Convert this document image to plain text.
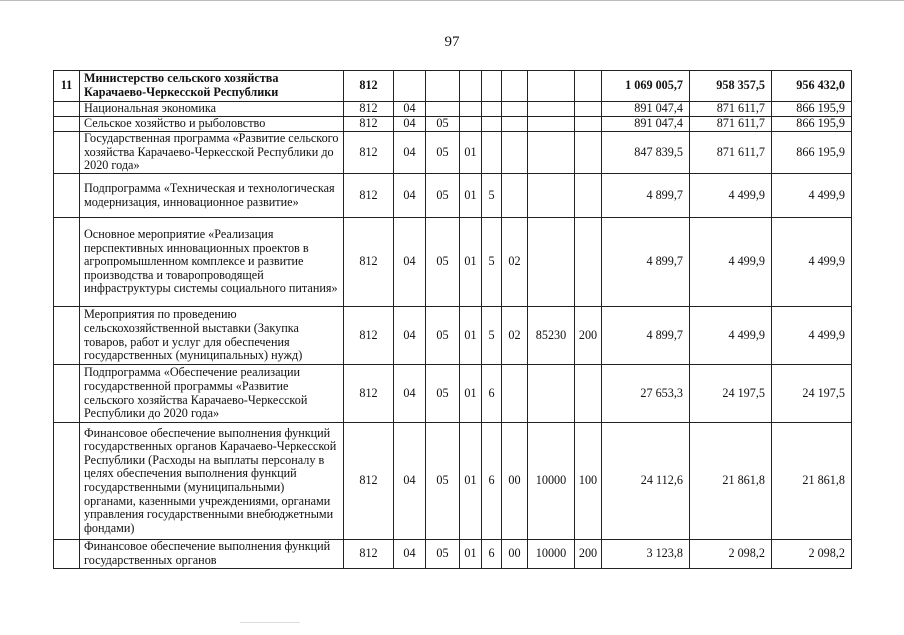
97
11	Министерство сельского хозяйства Карачаево-Черкесской Республики	812								1 069 005,7	958 357,5	956 432,0
	Национальная экономика	812	04							891 047,4	871 611,7	866 195,9
	Сельское хозяйство и рыболовство	812	04	05						891 047,4	871 611,7	866 195,9
	Государственная программа «Развитие сельского хозяйства Карачаево-Черкесской Республики до 2020 года»	812	04	05	01					847 839,5	871 611,7	866 195,9
	Подпрограмма «Техническая и технологическая модернизация, инновационное развитие»	812	04	05	01	5				4 899,7	4 499,9	4 499,9
	Основное мероприятие «Реализация перспективных инновационных проектов в агропромышленном комплексе и развитие производства и товаропроводящей инфраструктуры системы социального питания»	812	04	05	01	5	02			4 899,7	4 499,9	4 499,9
	Мероприятия по проведению сельскохозяйственной выставки (Закупка товаров, работ и услуг для обеспечения государственных (муниципальных) нужд)	812	04	05	01	5	02	85230	200	4 899,7	4 499,9	4 499,9
	Подпрограмма «Обеспечение реализации государственной программы «Развитие сельского хозяйства Карачаево-Черкесской Республики до 2020 года»	812	04	05	01	6				27 653,3	24 197,5	24 197,5
	Финансовое обеспечение выполнения функций государственных органов Карачаево-Черкесской Республики (Расходы на выплаты персоналу в целях обеспечения выполнения функций государственными (муниципальными) органами, казенными учреждениями, органами управления государственными внебюджетными фондами)	812	04	05	01	6	00	10000	100	24 112,6	21 861,8	21 861,8
	Финансовое обеспечение выполнения функций государственных органов	812	04	05	01	6	00	10000	200	3 123,8	2 098,2	2 098,2
